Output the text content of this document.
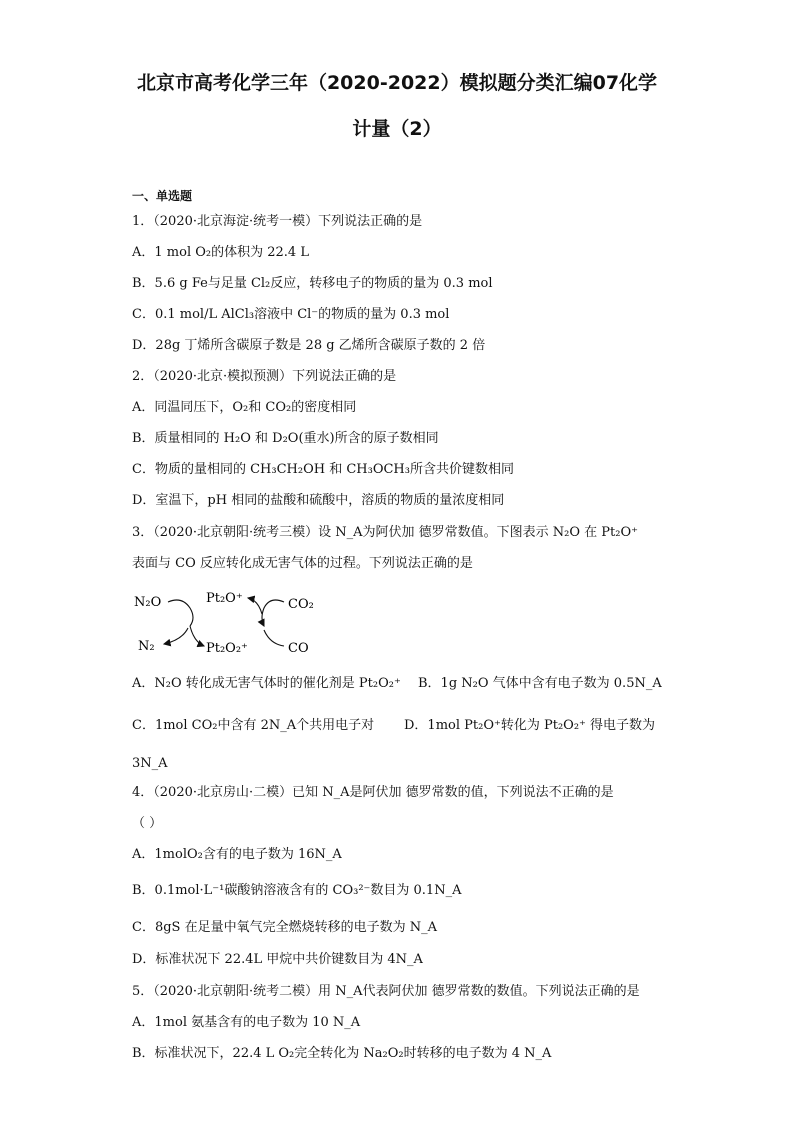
北京市高考化学三年（2020-2022）模拟题分类汇编07化学
计量（2）
一、单选题
1．（2020·北京海淀·统考一模）下列说法正确的是
A．1 mol O₂的体积为 22.4 L
B．5.6 g Fe与足量 Cl₂反应，转移电子的物质的量为 0.3 mol
C．0.1 mol/L AlCl₃溶液中 Cl⁻的物质的量为 0.3 mol
D．28g 丁烯所含碳原子数是 28 g 乙烯所含碳原子数的 2 倍
2．（2020·北京·模拟预测）下列说法正确的是
A．同温同压下，O₂和 CO₂的密度相同
B．质量相同的 H₂O 和 D₂O(重水)所含的原子数相同
C．物质的量相同的 CH₃CH₂OH 和 CH₃OCH₃所含共价键数相同
D．室温下，pH 相同的盐酸和硫酸中，溶质的物质的量浓度相同
3．（2020·北京朝阳·统考三模）设 N_A为阿伏加 德罗常数值。下图表示 N₂O 在 Pt₂O⁺
表面与 CO 反应转化成无害气体的过程。下列说法正确的是
N₂O
N₂
Pt₂O⁺
Pt₂O₂⁺
CO₂
CO
A．N₂O 转化成无害气体时的催化剂是 Pt₂O₂⁺ B．1g N₂O 气体中含有电子数为 0.5N_A
C．1mol CO₂中含有 2N_A个共用电子对 D．1mol Pt₂O⁺转化为 Pt₂O₂⁺ 得电子数为
3N_A
4．（2020·北京房山·二模）已知 N_A是阿伏加 德罗常数的值，下列说法不正确的是
（ ）
A．1molO₂含有的电子数为 16N_A
B．0.1mol·L⁻¹碳酸钠溶液含有的 CO₃²⁻数目为 0.1N_A
C．8gS 在足量中氧气完全燃烧转移的电子数为 N_A
D．标准状况下 22.4L 甲烷中共价键数目为 4N_A
5．（2020·北京朝阳·统考二模）用 N_A代表阿伏加 德罗常数的数值。下列说法正确的是
A．1mol 氨基含有的电子数为 10 N_A
B．标准状况下，22.4 L O₂完全转化为 Na₂O₂时转移的电子数为 4 N_A
